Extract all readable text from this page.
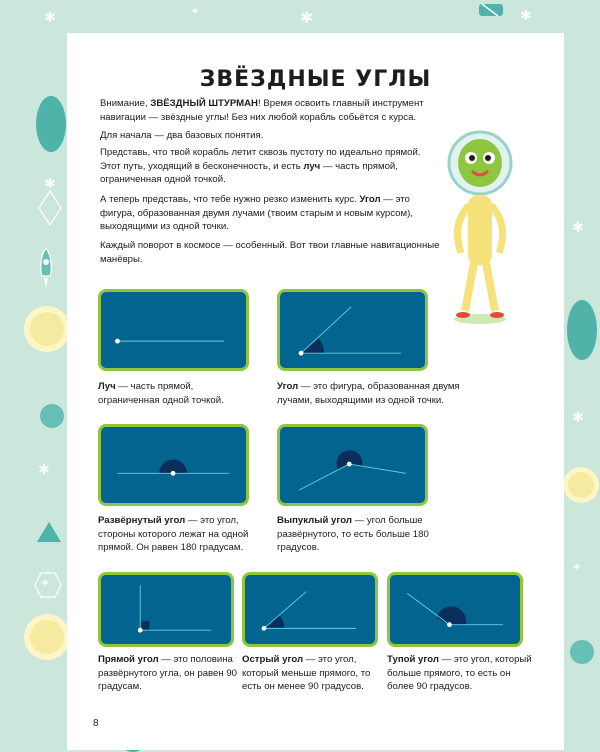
✱	✦	✱	✱
✱
✱
✦
✱
✱
✦
ЗВЁЗДНЫЕ УГЛЫ
Внимание, ЗВЁЗДНЫЙ ШТУРМАН! Время освоить главный инструмент навигации — звёздные углы! Без них любой корабль собьётся с курса.
Для начала — два базовых понятия.
Представь, что твой корабль летит сквозь пустоту по идеально прямой. Этот путь, уходящий в бесконечность, и есть луч — часть прямой, ограниченная одной точкой.
А теперь представь, что тебе нужно резко изменить курс. Угол — это фигура, образованная двумя лучами (твоим старым и новым курсом), выходящими из одной точки.
Каждый поворот в космосе — особенный. Вот твои главные навигационные манёвры.
Луч — часть прямой, ограниченная одной точкой.
Угол — это фигура, образованная двумя лучами, выходящими из одной точки.
Развёрнутый угол — это угол, стороны которого лежат на одной прямой. Он равен 180 градусам.
Выпуклый угол — угол больше развёрнутого, то есть больше 180 градусов.
Прямой угол — это половина развёрнутого угла, он равен 90 градусам.
Острый угол — это угол, который меньше прямого, то есть он менее 90 градусов.
Тупой угол — это угол, который больше прямого, то есть он более 90 градусов.
8
